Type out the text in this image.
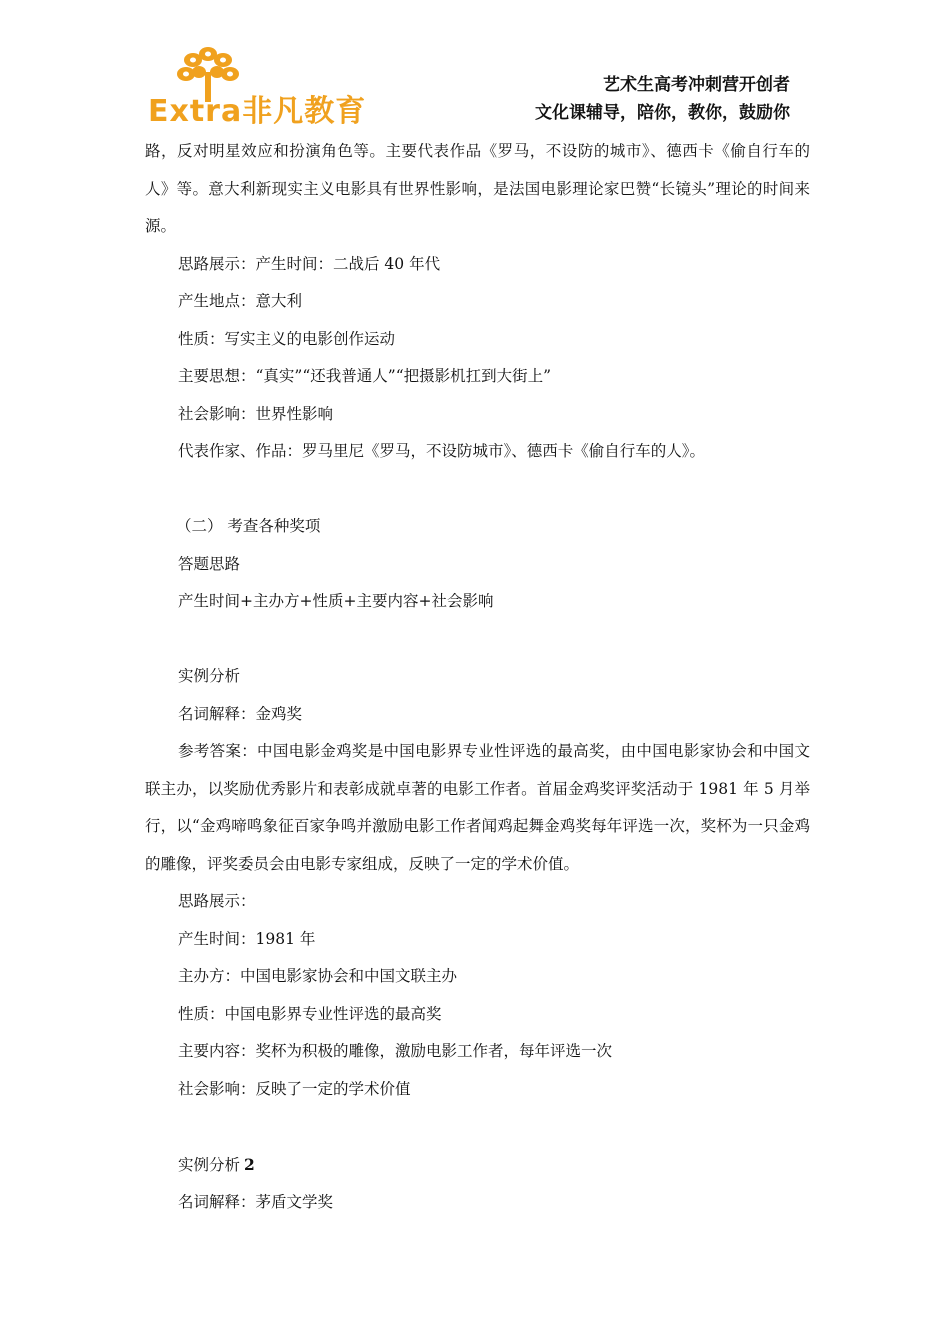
Extra非凡教育
艺术生高考冲刺营开创者
文化课辅导，陪你，教你，鼓励你

路，反对明星效应和扮演角色等。主要代表作品《罗马，不设防的城市》、德西卡《偷自行车的人》等。意大利新现实主义电影具有世界性影响，是法国电影理论家巴赞“长镜头”理论的时间来源。

思路展示：产生时间：二战后 40 年代

产生地点：意大利

性质：写实主义的电影创作运动

主要思想：“真实”“还我普通人”“把摄影机扛到大街上”

社会影响：世界性影响

代表作家、作品：罗马里尼《罗马，不设防城市》、德西卡《偷自行车的人》。

（二） 考查各种奖项

答题思路

产生时间+主办方+性质+主要内容+社会影响

实例分析

名词解释：金鸡奖

参考答案：中国电影金鸡奖是中国电影界专业性评选的最高奖，由中国电影家协会和中国文联主办，以奖励优秀影片和表彰成就卓著的电影工作者。首届金鸡奖评奖活动于 1981 年 5 月举行，以“金鸡啼鸣象征百家争鸣并激励电影工作者闻鸡起舞金鸡奖每年评选一次，奖杯为一只金鸡的雕像，评奖委员会由电影专家组成，反映了一定的学术价值。

思路展示：

产生时间：1981 年

主办方：中国电影家协会和中国文联主办

性质：中国电影界专业性评选的最高奖

主要内容：奖杯为积极的雕像，激励电影工作者，每年评选一次

社会影响：反映了一定的学术价值

实例分析 2

名词解释：茅盾文学奖
